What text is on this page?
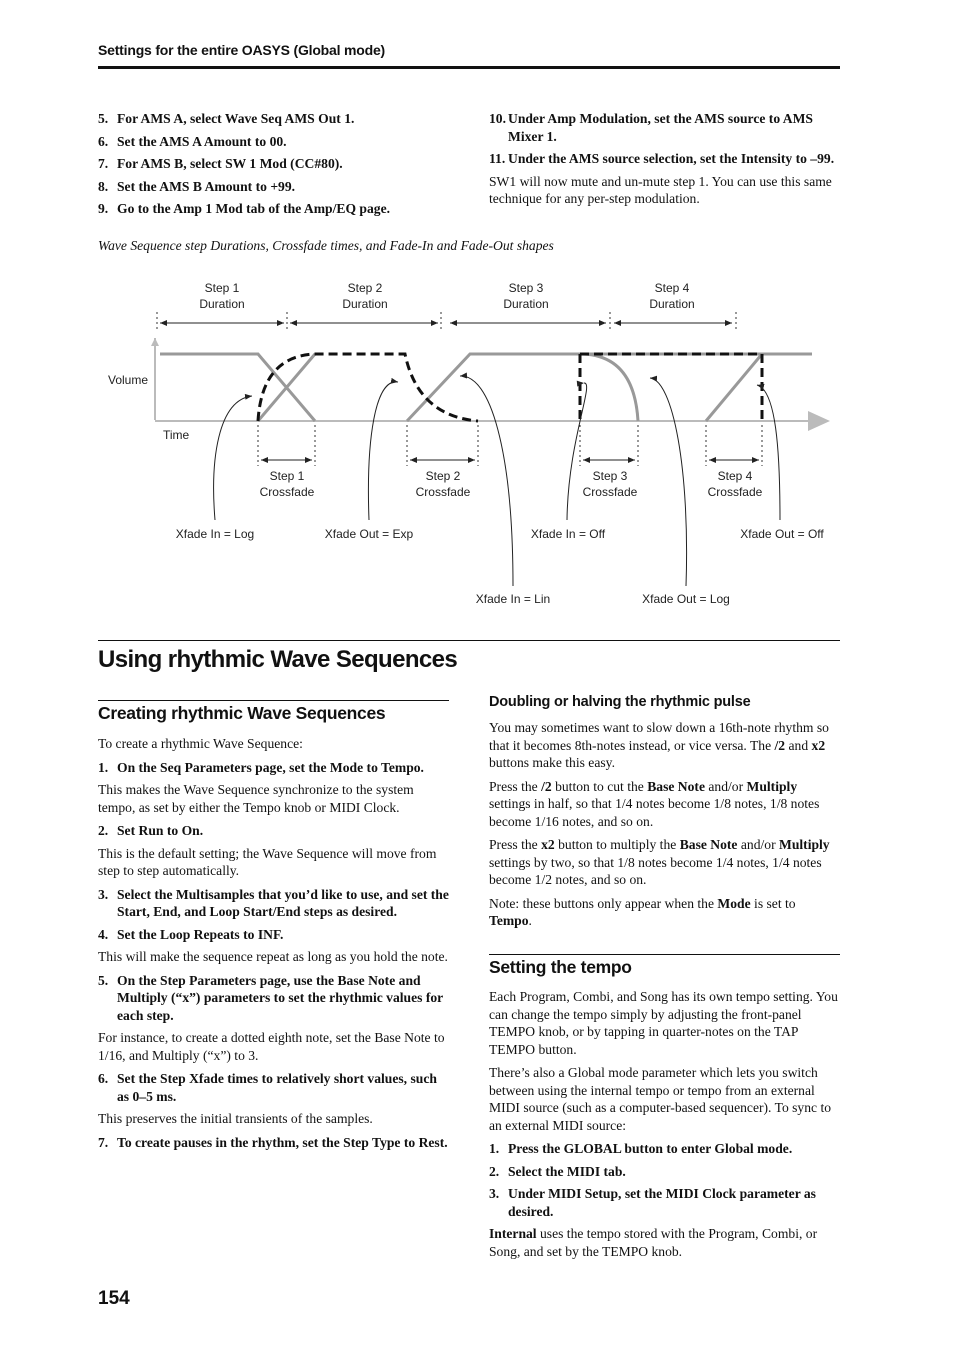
Settings for the entire OASYS (Global mode)
5. For AMS A, select Wave Seq AMS Out 1.
6. Set the AMS A Amount to 00.
7. For AMS B, select SW 1 Mod (CC#80).
8. Set the AMS B Amount to +99.
9. Go to the Amp 1 Mod tab of the Amp/EQ page.
10. Under Amp Modulation, set the AMS source to AMS Mixer 1.
11. Under the AMS source selection, set the Intensity to –99.

SW1 will now mute and un-mute step 1. You can use this same technique for any per-step modulation.

Wave Sequence step Durations, Crossfade times, and Fade-In and Fade-Out shapes
Step 1
Duration
Step 2
Duration
Step 3
Duration
Step 4
Duration
Volume
Time
Step 1
Crossfade
Step 2
Crossfade
Step 3
Crossfade
Step 4
Crossfade
Xfade In = Log	Xfade Out = Exp	Xfade In = Off	Xfade Out = Off
Xfade In = Lin	Xfade Out = Log
Using rhythmic Wave Sequences
Creating rhythmic Wave Sequences

To create a rhythmic Wave Sequence:

1. On the Seq Parameters page, set the Mode to Tempo.

This makes the Wave Sequence synchronize to the system tempo, as set by either the Tempo knob or MIDI Clock.

2. Set Run to On.

This is the default setting; the Wave Sequence will move from step to step automatically.

3. Select the Multisamples that you’d like to use, and set the Start, End, and Loop Start/End steps as desired.
4. Set the Loop Repeats to INF.

This will make the sequence repeat as long as you hold the note.

5. On the Step Parameters page, use the Base Note and Multiply (“x”) parameters to set the rhythmic values for each step.

For instance, to create a dotted eighth note, set the Base Note to 1/16, and Multiply (“x”) to 3.

6. Set the Step Xfade times to relatively short values, such as 0–5 ms.

This preserves the initial transients of the samples.

7. To create pauses in the rhythm, set the Step Type to Rest.
Doubling or halving the rhythmic pulse

You may sometimes want to slow down a 16th-note rhythm so that it becomes 8th-notes instead, or vice versa. The /2 and x2 buttons make this easy.

Press the /2 button to cut the Base Note and/or Multiply settings in half, so that 1/4 notes become 1/8 notes, 1/8 notes become 1/16 notes, and so on.

Press the x2 button to multiply the Base Note and/or Multiply settings by two, so that 1/8 notes become 1/4 notes, 1/4 notes become 1/2 notes, and so on.

Note: these buttons only appear when the Mode is set to Tempo.

Setting the tempo

Each Program, Combi, and Song has its own tempo setting. You can change the tempo simply by adjusting the front-panel TEMPO knob, or by tapping in quarter-notes on the TAP TEMPO button.

There’s also a Global mode parameter which lets you switch between using the internal tempo or tempo from an external MIDI source (such as a computer-based sequencer). To sync to an external MIDI source:

1. Press the GLOBAL button to enter Global mode.
2. Select the MIDI tab.
3. Under MIDI Setup, set the MIDI Clock parameter as desired.

Internal uses the tempo stored with the Program, Combi, or Song, and set by the TEMPO knob.

154
